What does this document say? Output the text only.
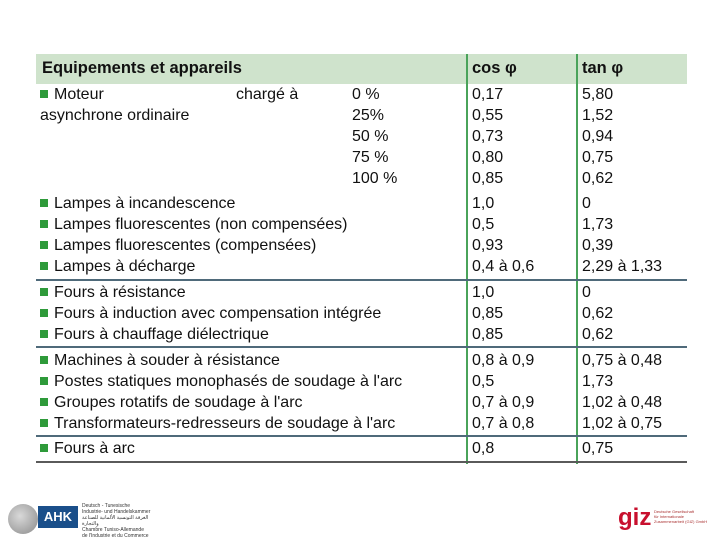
Equipements et appareils	cos φ	tan φ
Moteur	chargé à	0 %	0,17	5,80
asynchrone ordinaire	25%	0,55	1,52
50 %	0,73	0,94
75 %	0,80	0,75
100 %	0,85	0,62
Lampes à incandescence	1,0	0
Lampes fluorescentes (non compensées)	0,5	1,73
Lampes fluorescentes (compensées)	0,93	0,39
Lampes à décharge	0,4 à 0,6	2,29 à 1,33
Fours à résistance	1,0	0
Fours à induction avec compensation intégrée	0,85	0,62
Fours à chauffage diélectrique	0,85	0,62
Machines à souder à résistance	0,8 à 0,9	0,75 à 0,48
Postes statiques monophasés de soudage à l'arc	0,5	1,73
Groupes rotatifs de soudage à l'arc	0,7 à 0,9	1,02 à 0,48
Transformateurs-redresseurs de soudage à l'arc	0,7 à 0,8	1,02 à 0,75
Fours à arc	0,8	0,75
AHK
Deutsch - Tunesische
Industrie- und Handelskammer
الغرفة التونسية الألمانية للصناعة والتجارة
Chambre Tuniso-Allemande
de l'Industrie et du Commerce
giz Deutsche Gesellschaft
für Internationale
Zusammenarbeit (GIZ) GmbH
